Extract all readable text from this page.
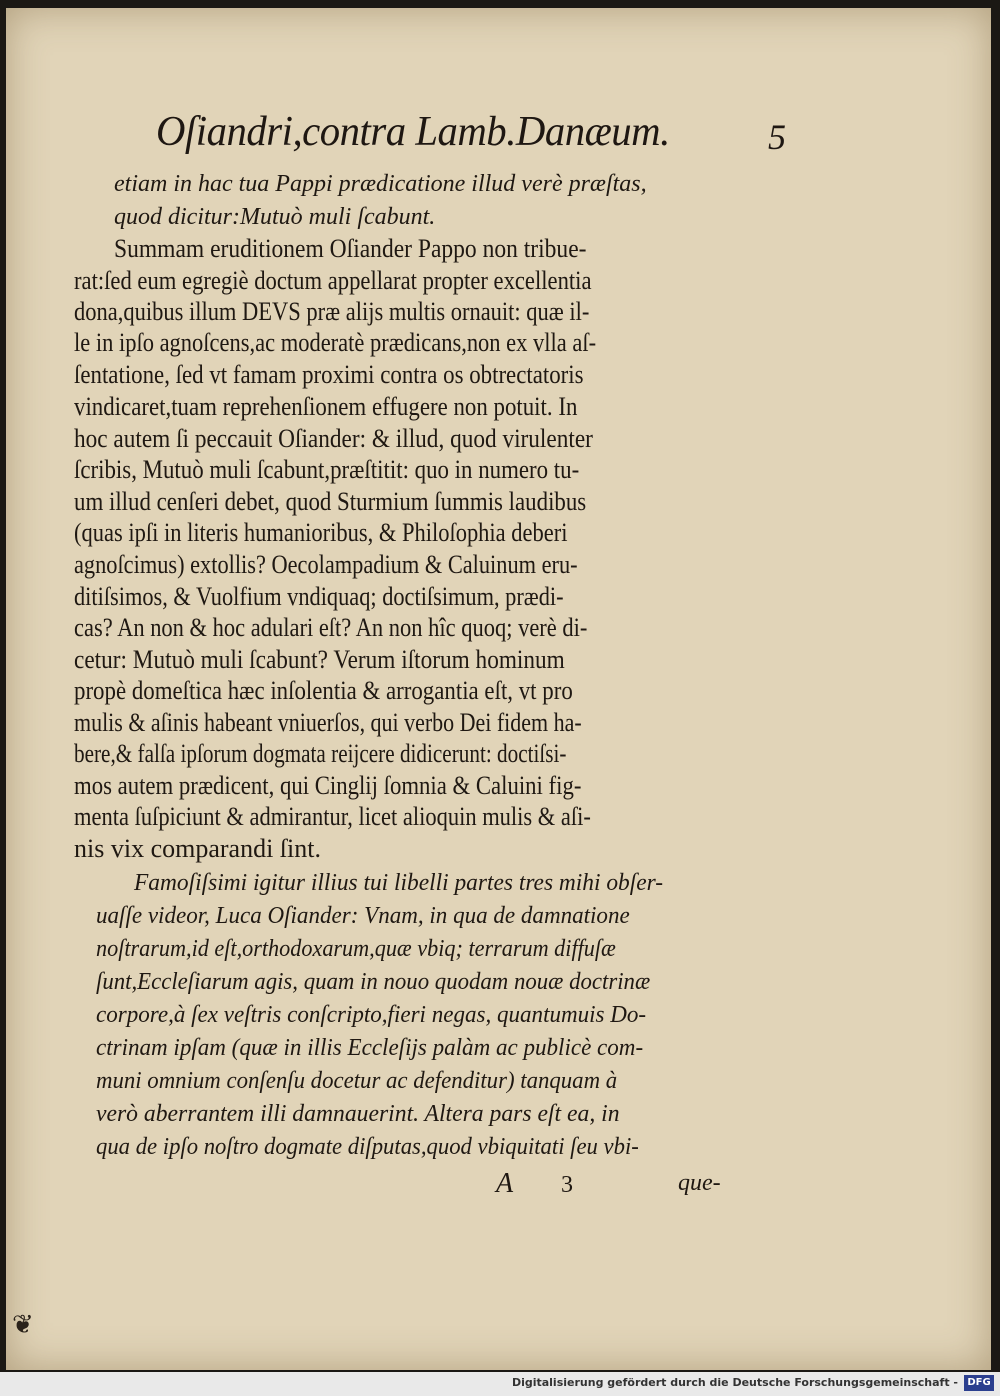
Oſiandri,contra Lamb.Danæum.	5
etiam in hac tua Pappi prædicatione illud verè præſtas,
quod dicitur:Mutuò muli ſcabunt.
Summam eruditionem Oſiander Pappo non tribue-
rat:ſed eum egregiè doctum appellarat propter excellentia
dona,quibus illum DEVS præ alijs multis ornauit: quæ il-
le in ipſo agnoſcens,ac moderatè prædicans,non ex vlla aſ-
ſentatione, ſed vt famam proximi contra os obtrectatoris
vindicaret,tuam reprehenſionem effugere non potuit. In
hoc autem ſi peccauit Oſiander: & illud, quod virulenter
ſcribis, Mutuò muli ſcabunt,præſtitit: quo in numero tu-
um illud cenſeri debet, quod Sturmium ſummis laudibus
(quas ipſi in literis humanioribus, & Philoſophia deberi
agnoſcimus) extollis? Oecolampadium & Caluinum eru-
ditiſsimos, & Vuolfium vndiquaq; doctiſsimum, prædi-
cas? An non & hoc adulari eſt? An non hîc quoq; verè di-
cetur: Mutuò muli ſcabunt? Verum iſtorum hominum
propè domeſtica hæc inſolentia & arrogantia eſt, vt pro
mulis & aſinis habeant vniuerſos, qui verbo Dei fidem ha-
bere,& falſa ipſorum dogmata reijcere didicerunt: doctiſsi-
mos autem prædicent, qui Cinglij ſomnia & Caluini fig-
menta ſuſpiciunt & admirantur, licet alioquin mulis & aſi-
nis vix comparandi ſint.
Famoſiſsimi igitur illius tui libelli partes tres mihi obſer-
uaſſe videor, Luca Oſiander: Vnam, in qua de damnatione
noſtrarum,id eſt,orthodoxarum,quæ vbiq; terrarum diffuſæ
ſunt,Eccleſiarum agis, quam in nouo quodam nouæ doctrinæ
corpore,à ſex veſtris conſcripto,fieri negas, quantumuis Do-
ctrinam ipſam (quæ in illis Eccleſijs palàm ac publicè com-
muni omnium conſenſu docetur ac defenditur) tanquam à
verò aberrantem illi damnauerint. Altera pars eſt ea, in
qua de ipſo noſtro dogmate diſputas,quod vbiquitati ſeu vbi-
A 3	que-
❦
Digitalisierung gefördert durch die Deutsche Forschungsgemeinschaft - DFG
